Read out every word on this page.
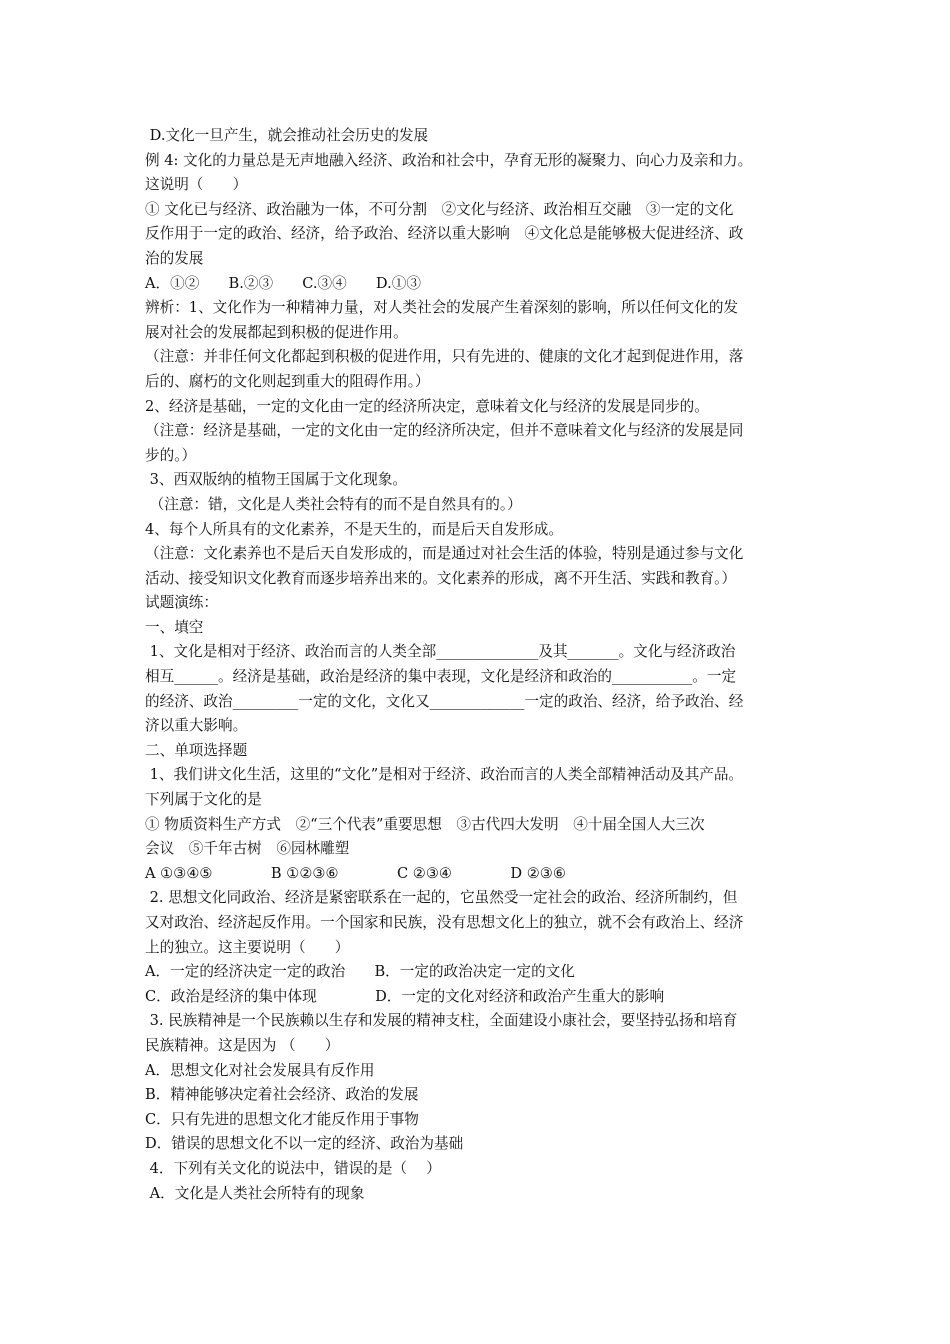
D.文化一旦产生，就会推动社会历史的发展
例 4: 文化的力量总是无声地融入经济、政治和社会中，孕育无形的凝聚力、向心力及亲和力。
这说明（　　）
① 文化已与经济、政治融为一体，不可分割　②文化与经济、政治相互交融　③一定的文化
反作用于一定的政治、经济，给予政治、经济以重大影响　④文化总是能够极大促进经济、政
治的发展
A．①②　　B.②③　　C.③④　　D.①③
辨析：1、文化作为一种精神力量，对人类社会的发展产生着深刻的影响，所以任何文化的发
展对社会的发展都起到积极的促进作用。
（注意：并非任何文化都起到积极的促进作用，只有先进的、健康的文化才起到促进作用，落
后的、腐朽的文化则起到重大的阻碍作用。）
2、经济是基础，一定的文化由一定的经济所决定，意味着文化与经济的发展是同步的。
（注意：经济是基础，一定的文化由一定的经济所决定，但并不意味着文化与经济的发展是同
步的。）
3、西双版纳的植物王国属于文化现象。
（注意：错，文化是人类社会特有的而不是自然具有的。）
4、每个人所具有的文化素养，不是天生的，而是后天自发形成。
（注意：文化素养也不是后天自发形成的，而是通过对社会生活的体验，特别是通过参与文化
活动、接受知识文化教育而逐步培养出来的。文化素养的形成，离不开生活、实践和教育。）
试题演练：
一、填空
1、文化是相对于经济、政治而言的人类全部______________及其_______。文化与经济政治
相互______。经济是基础，政治是经济的集中表现，文化是经济和政治的___________。一定
的经济、政治_________一定的文化，文化又_____________一定的政治、经济，给予政治、经
济以重大影响。
二、单项选择题
1、我们讲文化生活，这里的“文化”是相对于经济、政治而言的人类全部精神活动及其产品。
下列属于文化的是
① 物质资料生产方式　②“三个代表”重要思想　③古代四大发明　④十届全国人大三次
会议　⑤千年古树　⑥园林雕塑
A ①③④⑤　　　　B ①②③⑥　　　　C ②③④　　　　D ②③⑥
2. 思想文化同政治、经济是紧密联系在一起的，它虽然受一定社会的政治、经济所制约，但
又对政治、经济起反作用。一个国家和民族，没有思想文化上的独立，就不会有政治上、经济
上的独立。这主要说明（　　）
A．一定的经济决定一定的政治　　B．一定的政治决定一定的文化
C．政治是经济的集中体现　　　　D．一定的文化对经济和政治产生重大的影响
3. 民族精神是一个民族赖以生存和发展的精神支柱，全面建设小康社会，要坚持弘扬和培育
民族精神。这是因为 （　　）
A．思想文化对社会发展具有反作用
B．精神能够决定着社会经济、政治的发展
C．只有先进的思想文化才能反作用于事物
D．错误的思想文化不以一定的经济、政治为基础
4．下列有关文化的说法中，错误的是（　 ）
A．文化是人类社会所特有的现象
